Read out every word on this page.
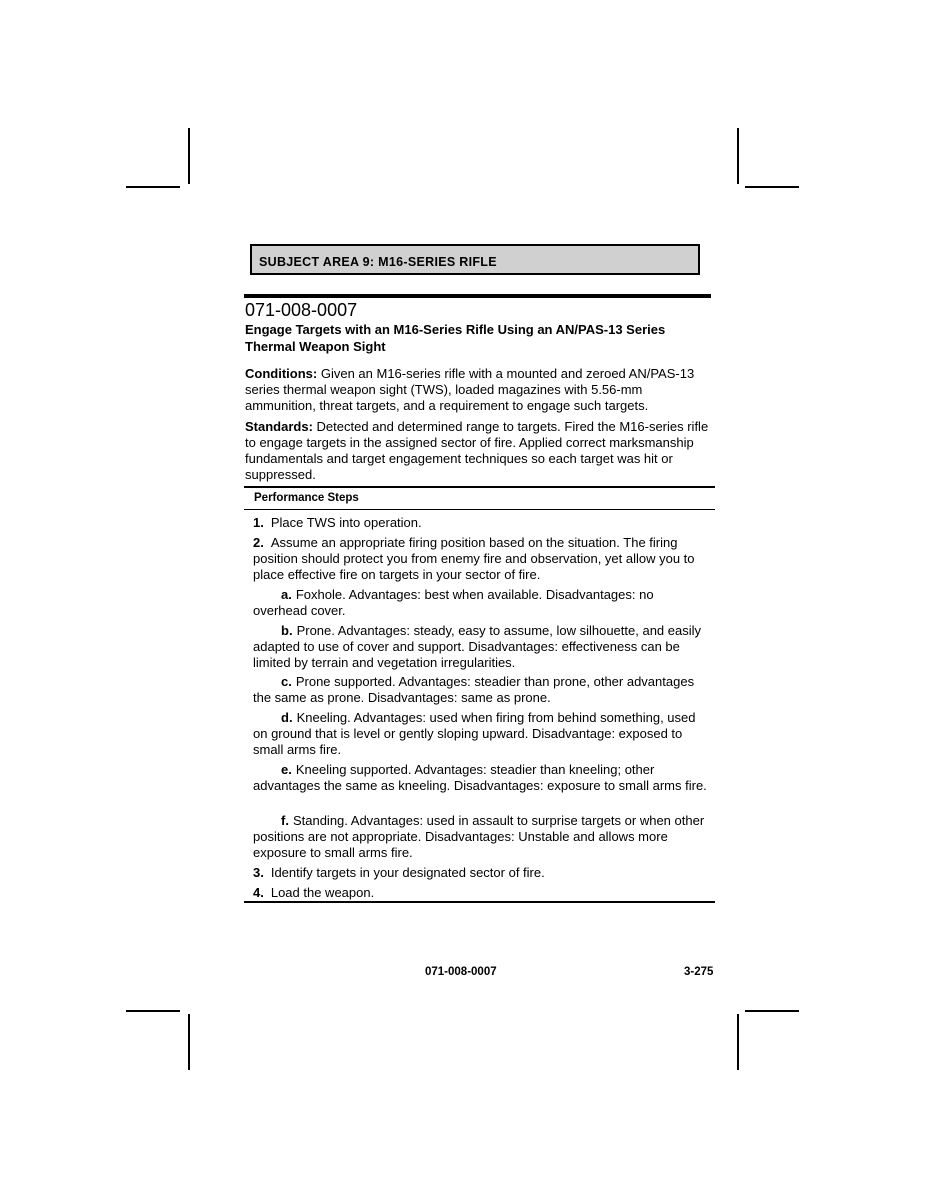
SUBJECT AREA 9: M16-SERIES RIFLE
071-008-0007
Engage Targets with an M16-Series Rifle Using an AN/PAS-13 Series Thermal Weapon Sight
Conditions: Given an M16-series rifle with a mounted and zeroed AN/PAS-13 series thermal weapon sight (TWS), loaded magazines with 5.56-mm ammunition, threat targets, and a requirement to engage such targets.
Standards: Detected and determined range to targets. Fired the M16-series rifle to engage targets in the assigned sector of fire. Applied correct marksmanship fundamentals and target engagement techniques so each target was hit or suppressed.
Performance Steps
1. Place TWS into operation.
2. Assume an appropriate firing position based on the situation. The firing position should protect you from enemy fire and observation, yet allow you to place effective fire on targets in your sector of fire.
a. Foxhole. Advantages: best when available. Disadvantages: no overhead cover.
b. Prone. Advantages: steady, easy to assume, low silhouette, and easily adapted to use of cover and support. Disadvantages: effectiveness can be limited by terrain and vegetation irregularities.
c. Prone supported. Advantages: steadier than prone, other advantages the same as prone. Disadvantages: same as prone.
d. Kneeling. Advantages: used when firing from behind something, used on ground that is level or gently sloping upward. Disadvantage: exposed to small arms fire.
e. Kneeling supported. Advantages: steadier than kneeling; other advantages the same as kneeling. Disadvantages: exposure to small arms fire.
f. Standing. Advantages: used in assault to surprise targets or when other positions are not appropriate. Disadvantages: Unstable and allows more exposure to small arms fire.
3. Identify targets in your designated sector of fire.
4. Load the weapon.
071-008-0007	3-275
